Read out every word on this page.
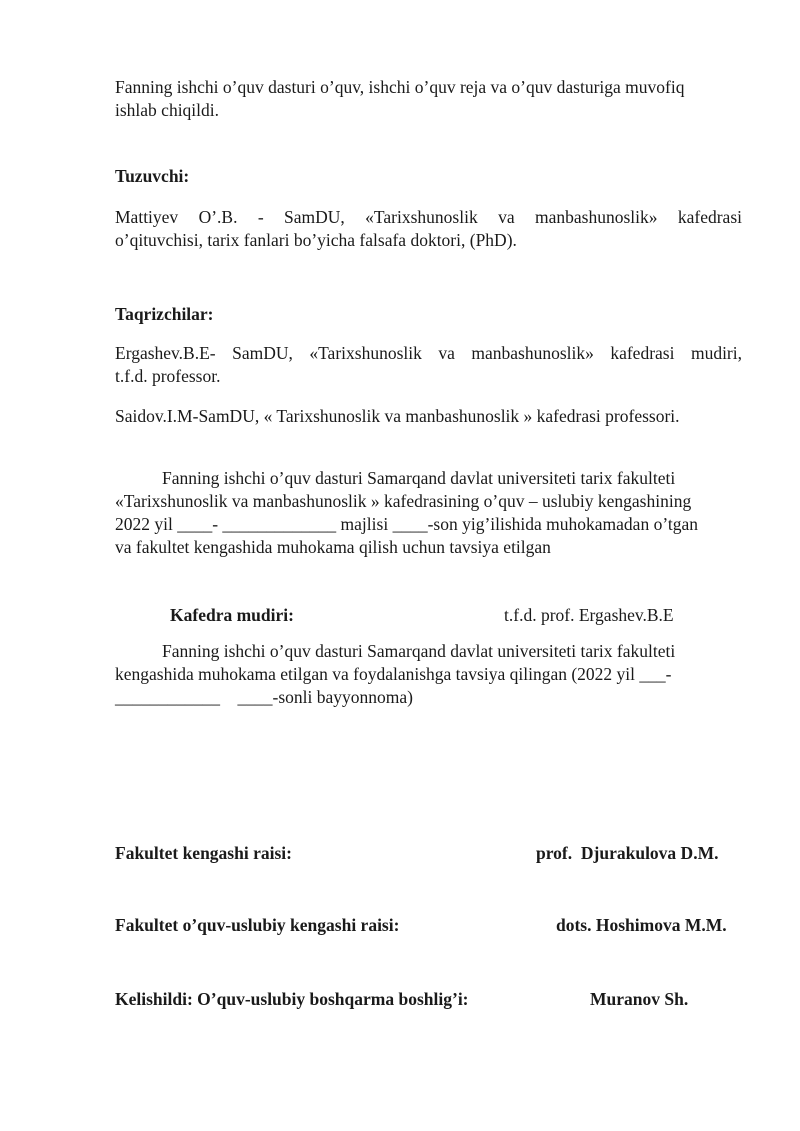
Fanning ishchi o’quv dasturi o’quv, ishchi o’quv reja va o’quv dasturiga muvofiq
ishlab chiqildi.
Tuzuvchi:
Mattiyev O’.B. - SamDU, «Tarixshunoslik va manbashunoslik» kafedrasi
o’qituvchisi, tarix fanlari bo’yicha falsafa doktori, (PhD).
Taqrizchilar:
Ergashev.B.E- SamDU, «Tarixshunoslik va manbashunoslik» kafedrasi mudiri,
t.f.d. professor.
Saidov.I.M-SamDU, « Tarixshunoslik va manbashunoslik » kafedrasi professori.
Fanning ishchi o’quv dasturi Samarqand davlat universiteti tarix fakulteti
«Tarixshunoslik va manbashunoslik » kafedrasining o’quv – uslubiy kengashining
2022 yil ____- _____________ majlisi ____-son yig’ilishida muhokamadan o’tgan
va fakultet kengashida muhokama qilish uchun tavsiya etilgan
Kafedra mudiri:	t.f.d. prof. Ergashev.B.E
Fanning ishchi o’quv dasturi Samarqand davlat universiteti tarix fakulteti
kengashida muhokama etilgan va foydalanishga tavsiya qilingan (2022 yil ___-
____________    ____-sonli bayyonnoma)
Fakultet kengashi raisi:	prof.  Djurakulova D.M.
Fakultet o’quv-uslubiy kengashi raisi:	dots. Hoshimova M.M.
Kelishildi: O’quv-uslubiy boshqarma boshlig’i:	Muranov Sh.
